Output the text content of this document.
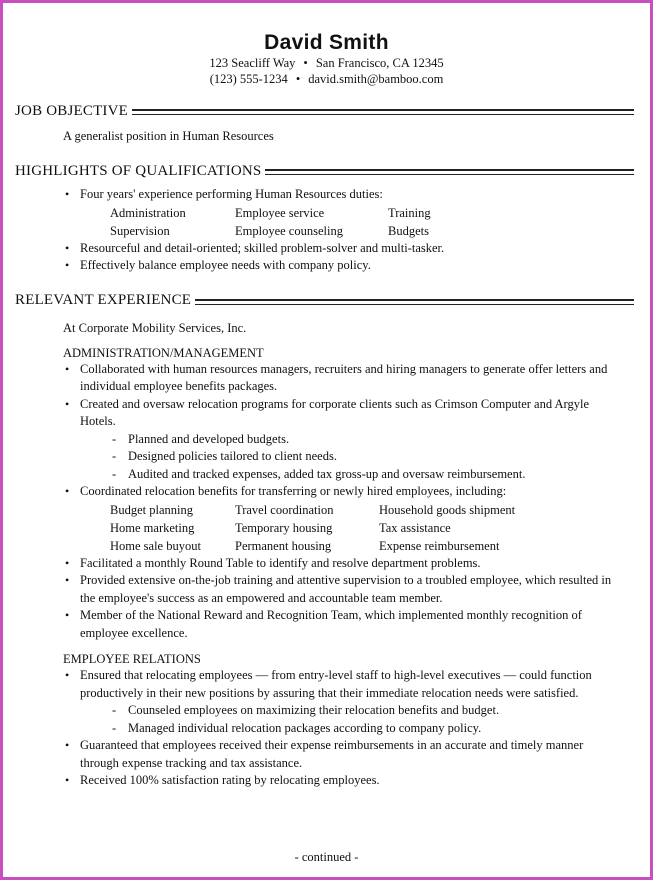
David Smith
123 Seacliff Way • San Francisco, CA 12345
(123) 555-1234 • david.smith@bamboo.com
JOB OBJECTIVE
A generalist position in Human Resources
HIGHLIGHTS OF QUALIFICATIONS
• Four years' experience performing Human Resources duties:
Administration	Employee service	Training
Supervision	Employee counseling	Budgets
• Resourceful and detail-oriented; skilled problem-solver and multi-tasker.
• Effectively balance employee needs with company policy.
RELEVANT EXPERIENCE
At Corporate Mobility Services, Inc.
ADMINISTRATION/MANAGEMENT
• Collaborated with human resources managers, recruiters and hiring managers to generate offer letters and individual employee benefits packages.
• Created and oversaw relocation programs for corporate clients such as Crimson Computer and Argyle Hotels.
- Planned and developed budgets.
- Designed policies tailored to client needs.
- Audited and tracked expenses, added tax gross-up and oversaw reimbursement.
• Coordinated relocation benefits for transferring or newly hired employees, including:
Budget planning	Travel coordination	Household goods shipment
Home marketing	Temporary housing	Tax assistance
Home sale buyout	Permanent housing	Expense reimbursement
• Facilitated a monthly Round Table to identify and resolve department problems.
• Provided extensive on-the-job training and attentive supervision to a troubled employee, which resulted in the employee's success as an empowered and accountable team member.
• Member of the National Reward and Recognition Team, which implemented monthly recognition of employee excellence.
EMPLOYEE RELATIONS
• Ensured that relocating employees — from entry-level staff to high-level executives — could function productively in their new positions by assuring that their immediate relocation needs were satisfied.
- Counseled employees on maximizing their relocation benefits and budget.
- Managed individual relocation packages according to company policy.
• Guaranteed that employees received their expense reimbursements in an accurate and timely manner through expense tracking and tax assistance.
• Received 100% satisfaction rating by relocating employees.
- continued -
